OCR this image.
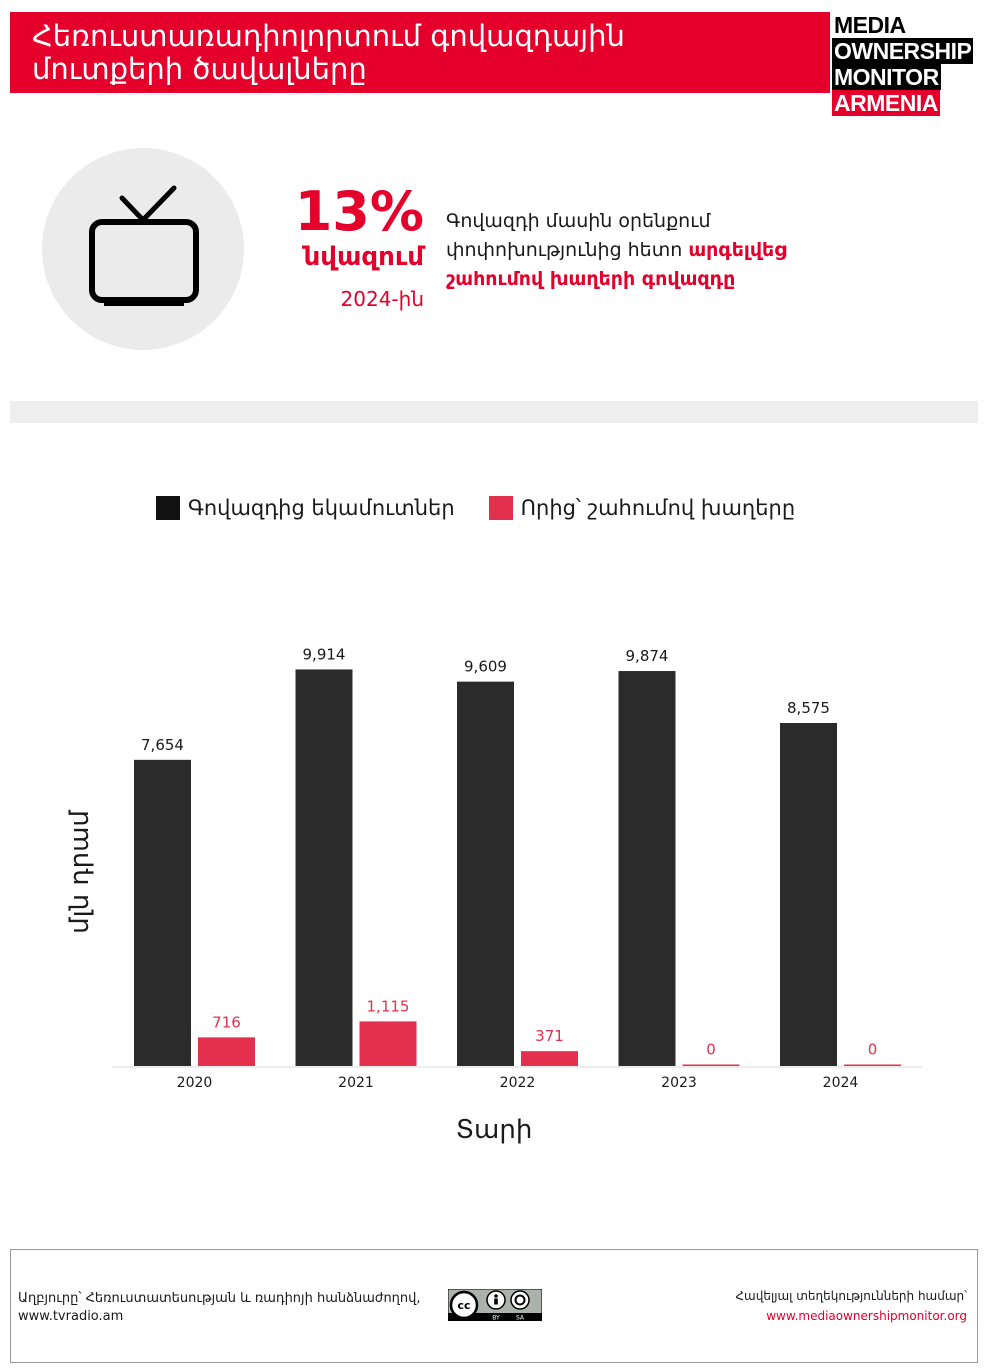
Հեռուստառադիոլորտում գովազդային
մուտքերի ծավալները
MEDIA
OWNERSHIP
MONITOR
ARMENIA
13%
նվազում
2024-ին
Գովազդի մասին օրենքում
փոփոխությունից հետո արգելվեց
շահումով խաղերի գովազդը
Գովազդից եկամուտներ	Որից՝ շահումով խաղերը
7,654
716
2020
9,914
1,115
2021
9,609
371
2022
9,874
0
2023
8,575
0
2024
Տարի
մլն դրամ
Աղբյուրը՝ Հեռուստատեսության և ռադիոյի հանձնաժողով,
www.tvradio.am
cc
BY	SA
Հավելյալ տեղեկությունների համար՝
www.mediaownershipmonitor.org
